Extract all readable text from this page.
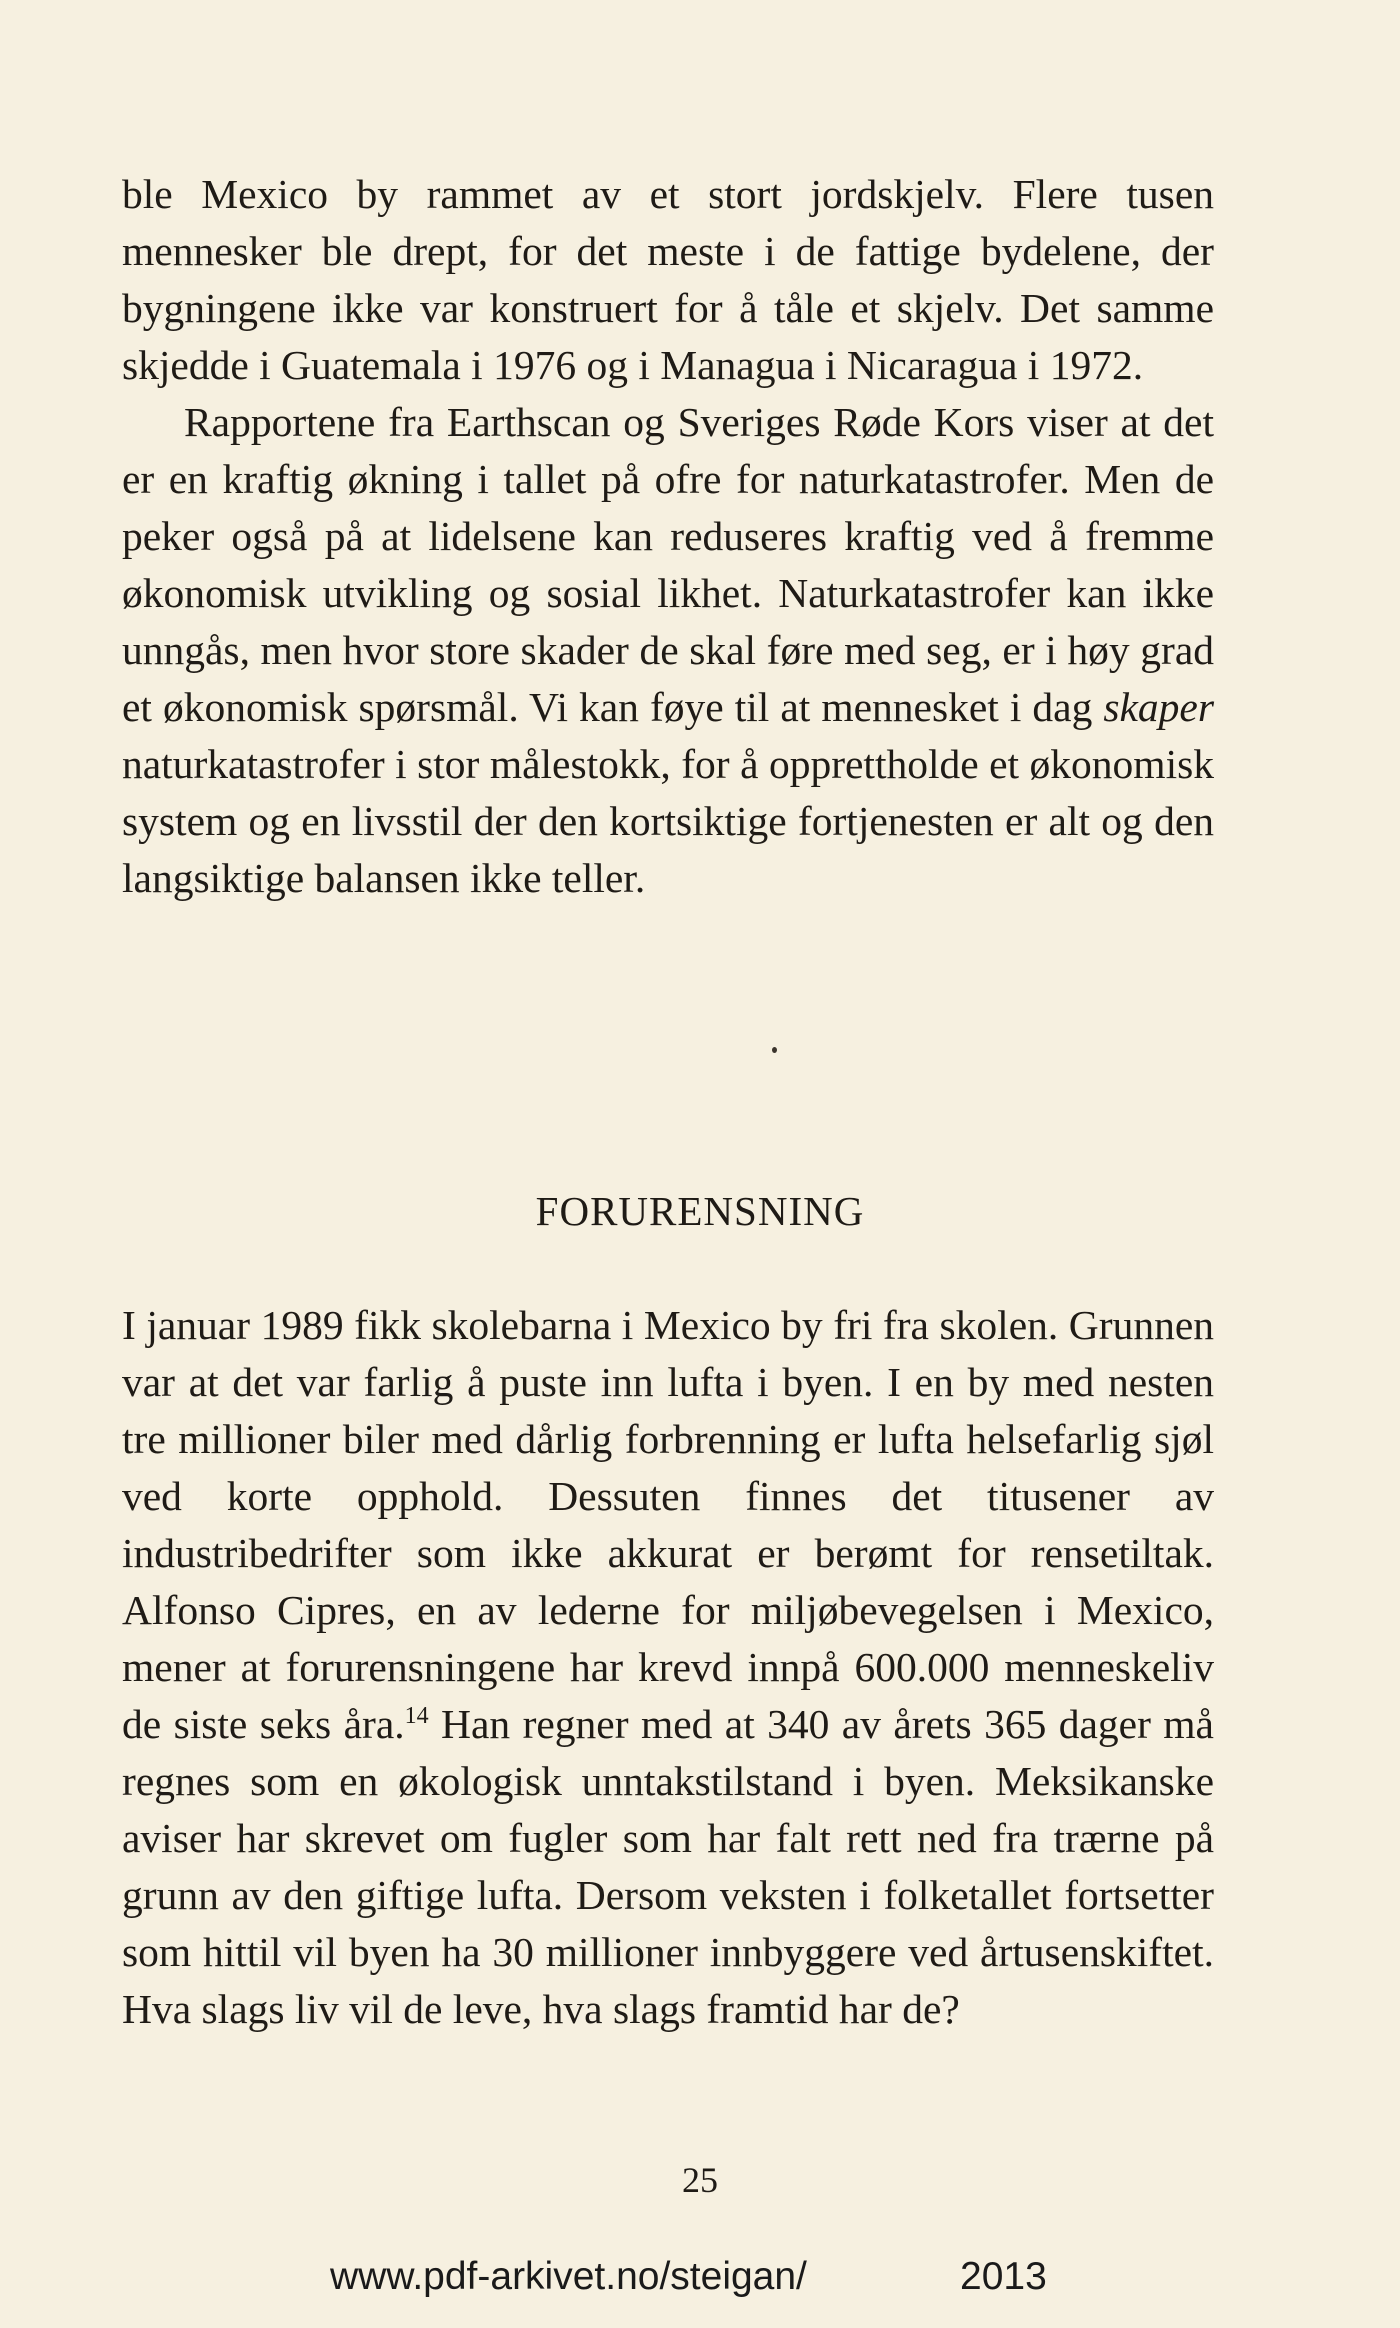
ble Mexico by rammet av et stort jordskjelv. Flere tusen mennesker ble drept, for det meste i de fattige bydelene, der bygningene ikke var konstruert for å tåle et skjelv. Det samme skjedde i Guatemala i 1976 og i Managua i Nicaragua i 1972.

Rapportene fra Earthscan og Sveriges Røde Kors viser at det er en kraftig økning i tallet på ofre for naturkatastrofer. Men de peker også på at lidelsene kan reduseres kraftig ved å fremme økonomisk utvikling og sosial likhet. Naturkatastrofer kan ikke unngås, men hvor store skader de skal føre med seg, er i høy grad et økonomisk spørsmål. Vi kan føye til at mennesket i dag skaper naturkatastrofer i stor målestokk, for å opprettholde et økonomisk system og en livsstil der den kortsiktige fortjenesten er alt og den langsiktige balansen ikke teller.

FORURENSNING

I januar 1989 fikk skolebarna i Mexico by fri fra skolen. Grunnen var at det var farlig å puste inn lufta i byen. I en by med nesten tre millioner biler med dårlig forbrenning er lufta helsefarlig sjøl ved korte opphold. Dessuten finnes det titusener av industribedrifter som ikke akkurat er berømt for rensetiltak. Alfonso Cipres, en av lederne for miljøbevegelsen i Mexico, mener at forurensningene har krevd innpå 600.000 menneskeliv de siste seks åra.$^{14}$ Han regner med at 340 av årets 365 dager må regnes som en økologisk unntakstilstand i byen. Meksikanske aviser har skrevet om fugler som har falt rett ned fra trærne på grunn av den giftige lufta. Dersom veksten i folketallet fortsetter som hittil vil byen ha 30 millioner innbyggere ved årtusenskiftet. Hva slags liv vil de leve, hva slags framtid har de?

25
www.pdf-arkivet.no/steigan/	2013
